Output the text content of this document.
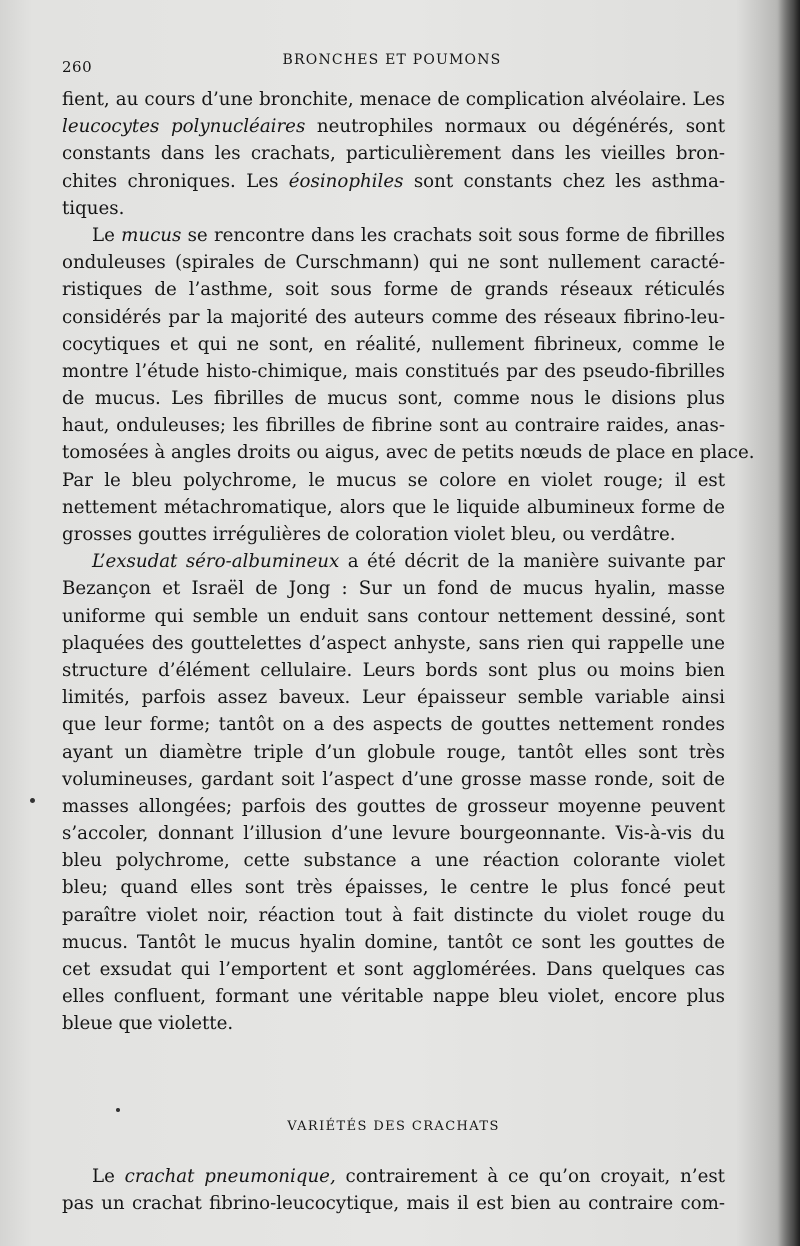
260	BRONCHES ET POUMONS
fient, au cours d’une bronchite, menace de complication alvéolaire. Les
leucocytes polynucléaires neutrophiles normaux ou dégénérés, sont
constants dans les crachats, particulièrement dans les vieilles bron-
chites chroniques. Les éosinophiles sont constants chez les asthma-
tiques.
Le mucus se rencontre dans les crachats soit sous forme de fibrilles
onduleuses (spirales de Curschmann) qui ne sont nullement caracté-
ristiques de l’asthme, soit sous forme de grands réseaux réticulés
considérés par la majorité des auteurs comme des réseaux fibrino-leu-
cocytiques et qui ne sont, en réalité, nullement fibrineux, comme le
montre l’étude histo-chimique, mais constitués par des pseudo-fibrilles
de mucus. Les fibrilles de mucus sont, comme nous le disions plus
haut, onduleuses; les fibrilles de fibrine sont au contraire raides, anas-
tomosées à angles droits ou aigus, avec de petits nœuds de place en place.
Par le bleu polychrome, le mucus se colore en violet rouge; il est
nettement métachromatique, alors que le liquide albumineux forme de
grosses gouttes irrégulières de coloration violet bleu, ou verdâtre.
L’exsudat séro-albumineux a été décrit de la manière suivante par
Bezançon et Israël de Jong : Sur un fond de mucus hyalin, masse
uniforme qui semble un enduit sans contour nettement dessiné, sont
plaquées des gouttelettes d’aspect anhyste, sans rien qui rappelle une
structure d’élément cellulaire. Leurs bords sont plus ou moins bien
limités, parfois assez baveux. Leur épaisseur semble variable ainsi
que leur forme; tantôt on a des aspects de gouttes nettement rondes
ayant un diamètre triple d’un globule rouge, tantôt elles sont très
volumineuses, gardant soit l’aspect d’une grosse masse ronde, soit de
masses allongées; parfois des gouttes de grosseur moyenne peuvent
s’accoler, donnant l’illusion d’une levure bourgeonnante. Vis-à-vis du
bleu polychrome, cette substance a une réaction colorante violet
bleu; quand elles sont très épaisses, le centre le plus foncé peut
paraître violet noir, réaction tout à fait distincte du violet rouge du
mucus. Tantôt le mucus hyalin domine, tantôt ce sont les gouttes de
cet exsudat qui l’emportent et sont agglomérées. Dans quelques cas
elles confluent, formant une véritable nappe bleu violet, encore plus
bleue que violette.
VARIÉTÉS DES CRACHATS
Le crachat pneumonique, contrairement à ce qu’on croyait, n’est
pas un crachat fibrino-leucocytique, mais il est bien au contraire com-
